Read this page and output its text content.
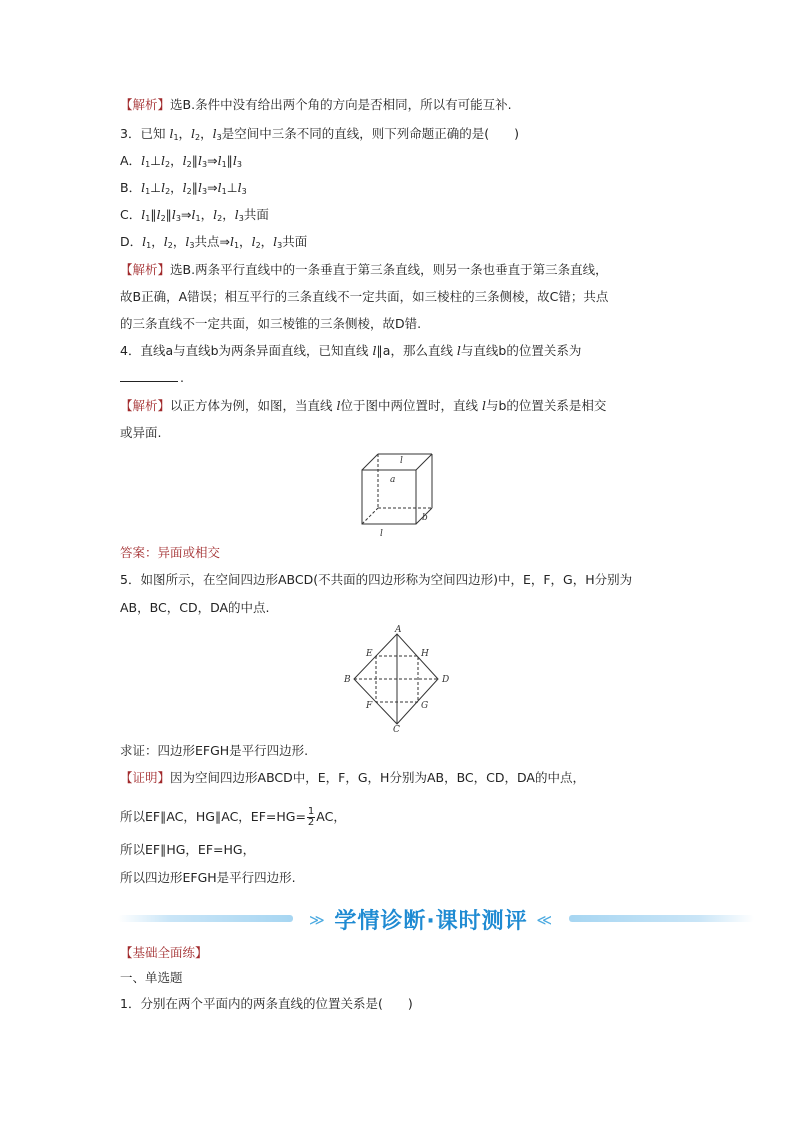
【解析】选B.条件中没有给出两个角的方向是否相同，所以有可能互补.
3．已知 $l_1$，$l_2$，$l_3$是空间中三条不同的直线，则下列命题正确的是(　　)
A．$l_1\perp l_2$，$l_2\parallel l_3\Rightarrow l_1\parallel l_3$
B．$l_1\perp l_2$，$l_2\parallel l_3\Rightarrow l_1\perp l_3$
C．$l_1\parallel l_2\parallel l_3\Rightarrow l_1$，$l_2$，$l_3$共面
D．$l_1$，$l_2$，$l_3$共点$\Rightarrow l_1$，$l_2$，$l_3$共面
【解析】选B.两条平行直线中的一条垂直于第三条直线，则另一条也垂直于第三条直线，
故B正确，A错误；相互平行的三条直线不一定共面，如三棱柱的三条侧棱，故C错；共点
的三条直线不一定共面，如三棱锥的三条侧棱，故D错.
4．直线a与直线b为两条异面直线，已知直线 l∥a，那么直线 l与直线b的位置关系为
.
【解析】以正方体为例，如图，当直线 l位于图中两位置时，直线 l与b的位置关系是相交
或异面.
l
a
b
l
答案：异面或相交
5．如图所示，在空间四边形ABCD(不共面的四边形称为空间四边形)中，E，F，G，H分别为
AB，BC，CD，DA的中点.
A
B
C
D
E
F	G
H
求证：四边形EFGH是平行四边形.
【证明】因为空间四边形ABCD中，E，F，G，H分别为AB，BC，CD，DA的中点，
所以EF∥AC，HG∥AC，$EF=HG= \frac{1}{2}$ AC，
所以EF∥HG，EF=HG，
所以四边形EFGH是平行四边形.
≫ 学情诊断·课时测评 ≪
【基础全面练】
一、单选题
1．分别在两个平面内的两条直线的位置关系是(　　)
